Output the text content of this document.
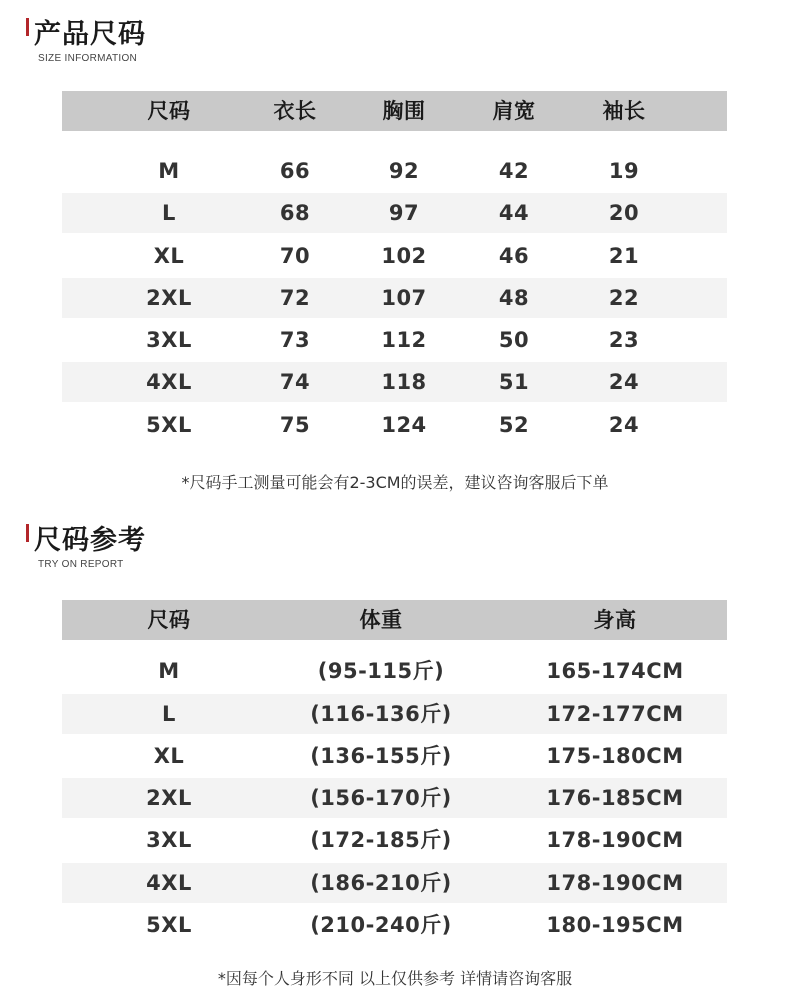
产品尺码
SIZE INFORMATION
尺码	衣长	胸围	肩宽	袖长
M	66	92	42	19
L	68	97	44	20
XL	70	102	46	21
2XL	72	107	48	22
3XL	73	112	50	23
4XL	74	118	51	24
5XL	75	124	52	24
*尺码手工测量可能会有2-3CM的误差，建议咨询客服后下单
尺码参考
TRY ON REPORT
尺码	体重	身高
M	(95-115斤)	165-174CM
L	(116-136斤)	172-177CM
XL	(136-155斤)	175-180CM
2XL	(156-170斤)	176-185CM
3XL	(172-185斤)	178-190CM
4XL	(186-210斤)	178-190CM
5XL	(210-240斤)	180-195CM
*因每个人身形不同 以上仅供参考 详情请咨询客服
